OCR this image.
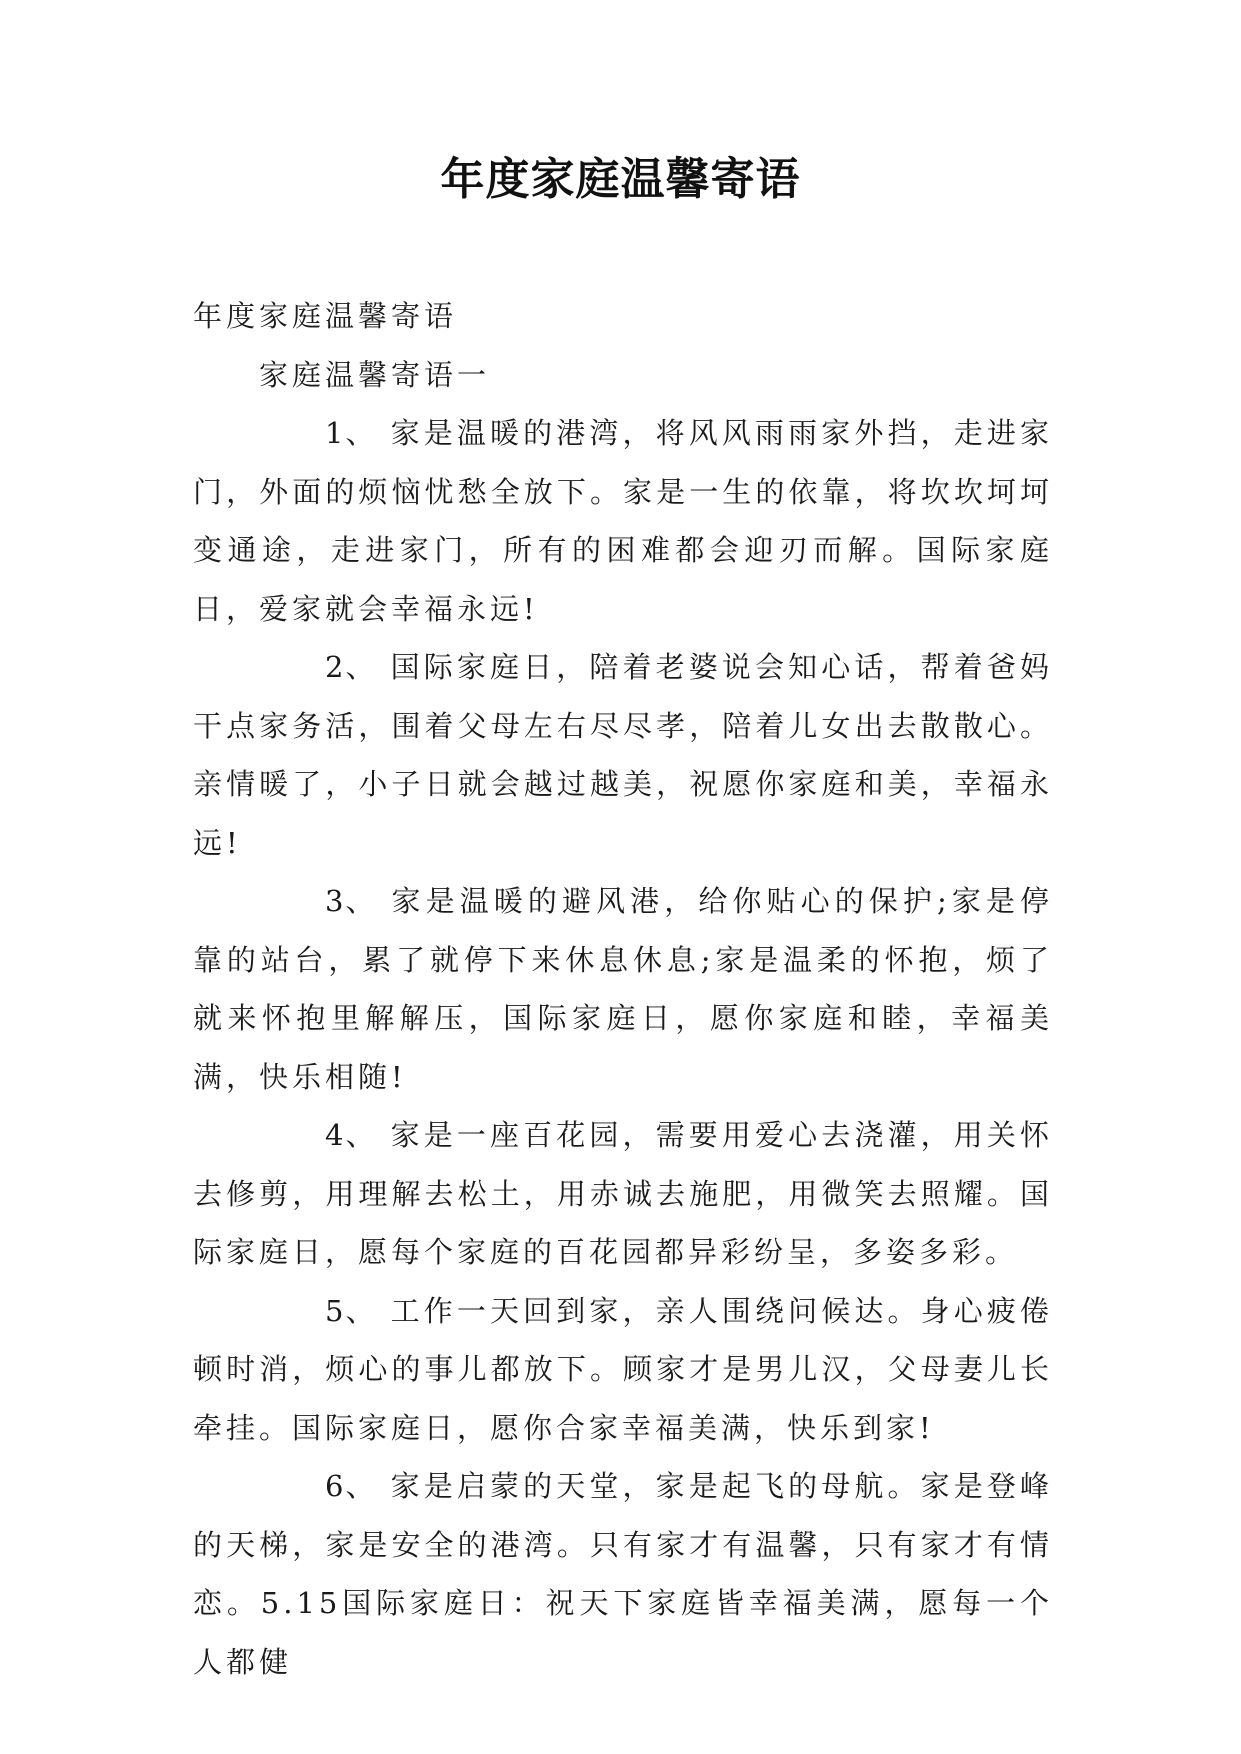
年度家庭温馨寄语

年度家庭温馨寄语

家庭温馨寄语一

1、 家是温暖的港湾，将风风雨雨家外挡，走进家门，外面的烦恼忧愁全放下。家是一生的依靠，将坎坎坷坷变通途，走进家门，所有的困难都会迎刃而解。国际家庭日，爱家就会幸福永远!

2、 国际家庭日，陪着老婆说会知心话，帮着爸妈干点家务活，围着父母左右尽尽孝，陪着儿女出去散散心。亲情暖了，小子日就会越过越美，祝愿你家庭和美，幸福永远!

3、 家是温暖的避风港，给你贴心的保护;家是停靠的站台，累了就停下来休息休息;家是温柔的怀抱，烦了就来怀抱里解解压，国际家庭日，愿你家庭和睦，幸福美满，快乐相随!

4、 家是一座百花园，需要用爱心去浇灌，用关怀去修剪，用理解去松土，用赤诚去施肥，用微笑去照耀。国际家庭日，愿每个家庭的百花园都异彩纷呈，多姿多彩。

5、 工作一天回到家，亲人围绕问候达。身心疲倦顿时消，烦心的事儿都放下。顾家才是男儿汉，父母妻儿长牵挂。国际家庭日，愿你合家幸福美满，快乐到家!

6、 家是启蒙的天堂，家是起飞的母航。家是登峰的天梯，家是安全的港湾。只有家才有温馨，只有家才有情恋。5.15国际家庭日：祝天下家庭皆幸福美满，愿每一个人都健
